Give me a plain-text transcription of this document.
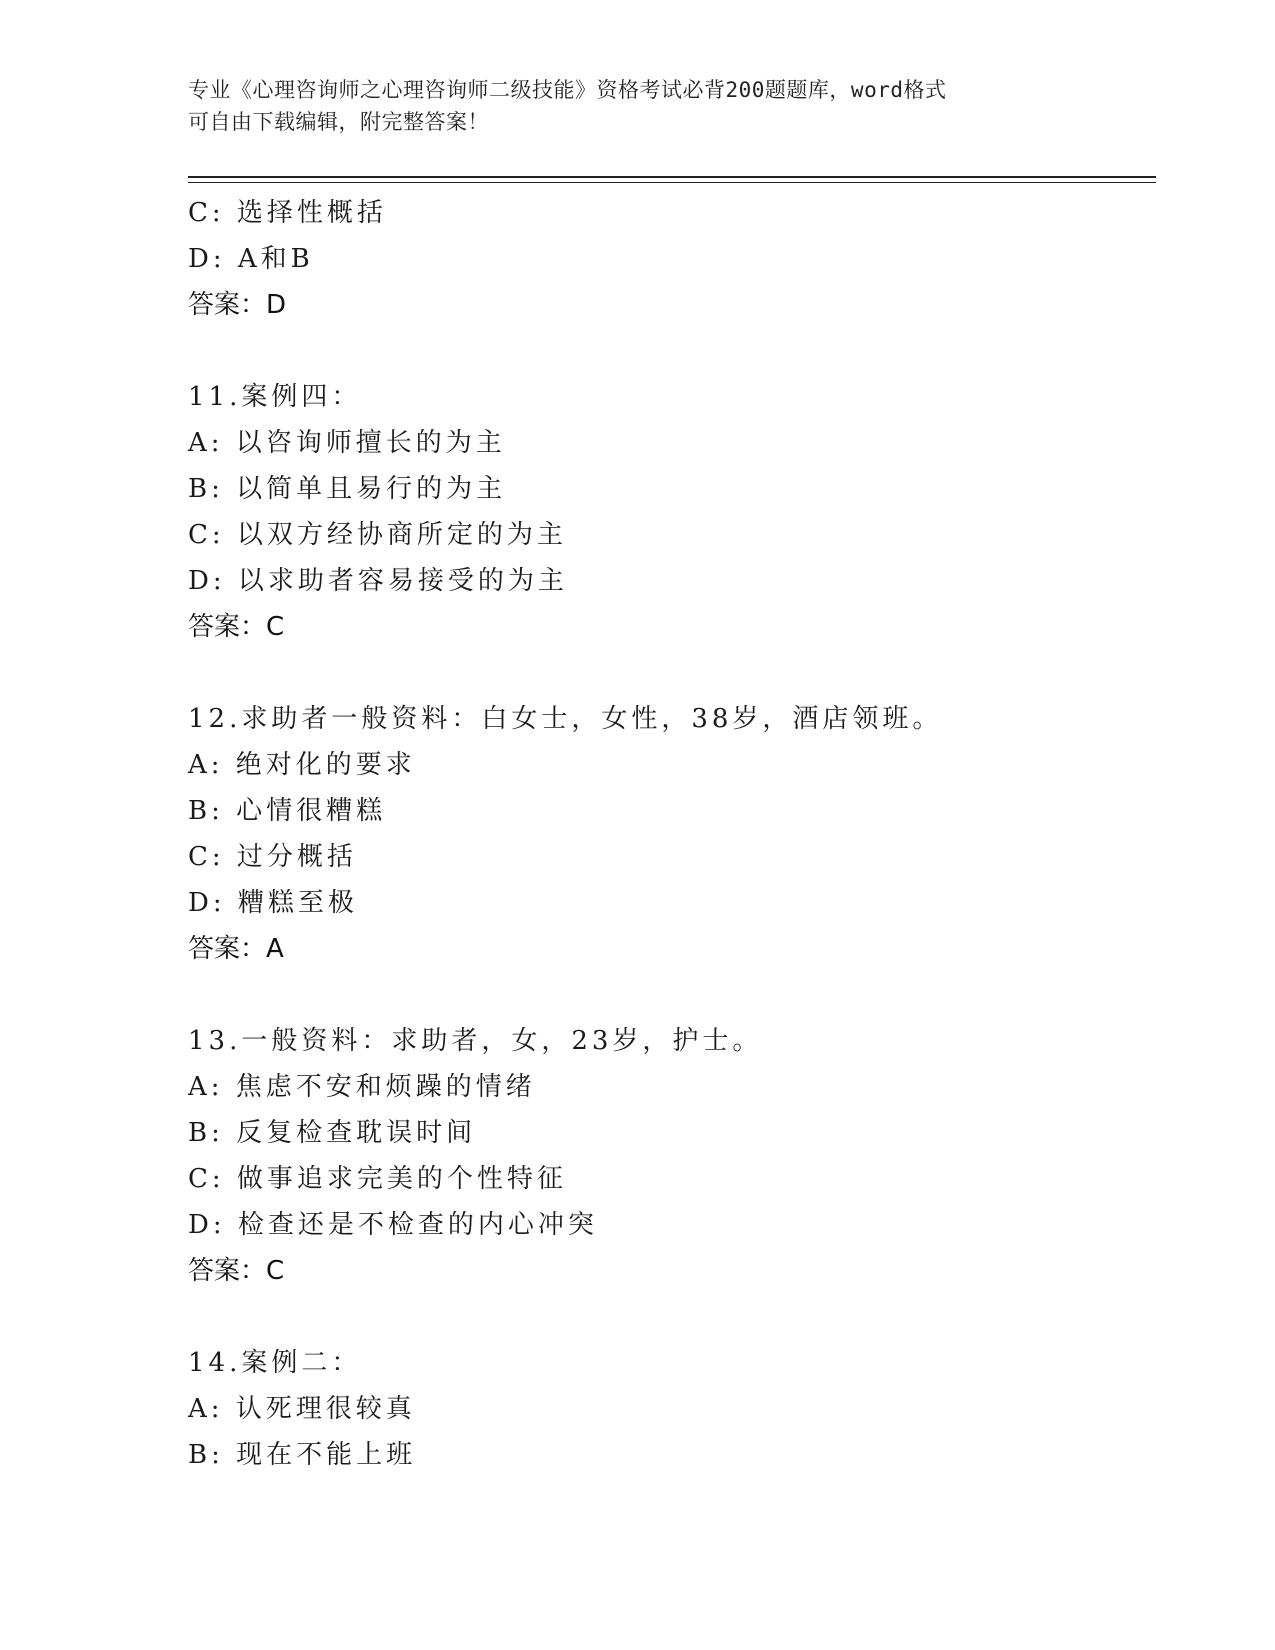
专业《心理咨询师之心理咨询师二级技能》资格考试必背200题题库，word格式
可自由下载编辑，附完整答案！
C: 选择性概括
D: A和B
答案：D
11.案例四：
A: 以咨询师擅长的为主
B: 以简单且易行的为主
C: 以双方经协商所定的为主
D: 以求助者容易接受的为主
答案：C
12.求助者一般资料：白女士，女性，38岁，酒店领班。
A: 绝对化的要求
B: 心情很糟糕
C: 过分概括
D: 糟糕至极
答案：A
13.一般资料：求助者，女，23岁，护士。
A: 焦虑不安和烦躁的情绪
B: 反复检查耽误时间
C: 做事追求完美的个性特征
D: 检查还是不检查的内心冲突
答案：C
14.案例二：
A: 认死理很较真
B: 现在不能上班
